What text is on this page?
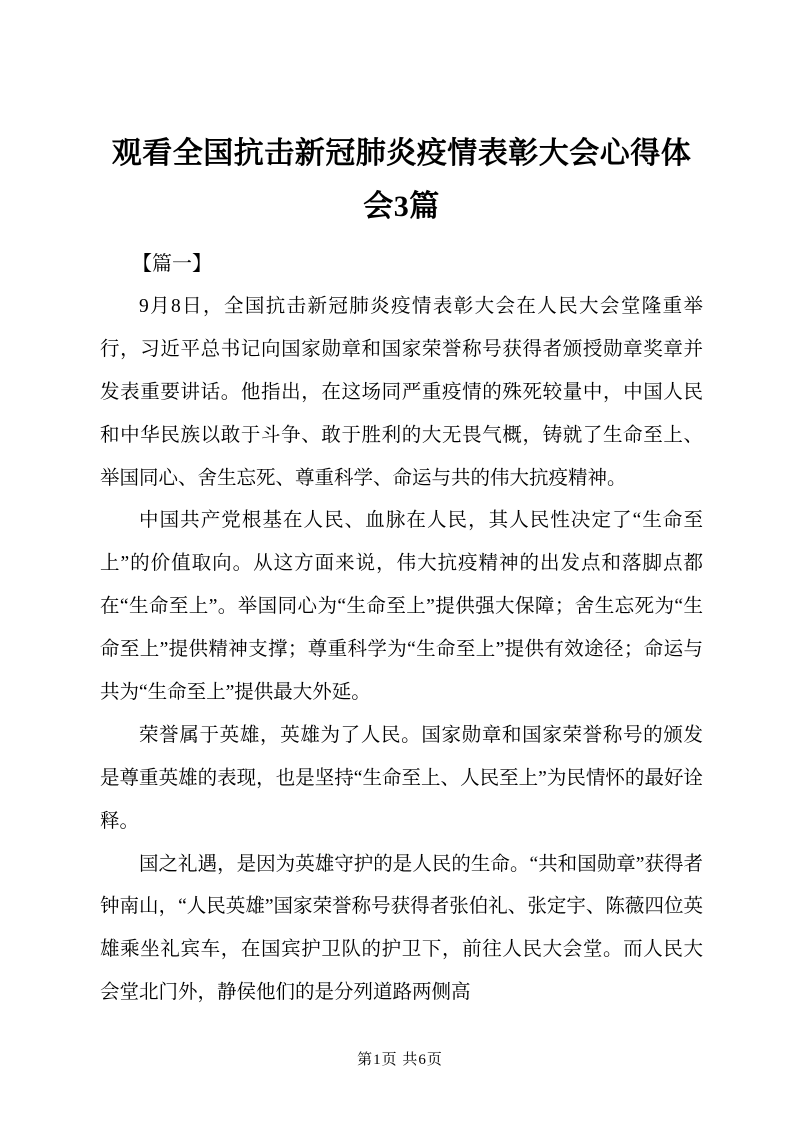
观看全国抗击新冠肺炎疫情表彰大会心得体会3篇
【篇一】

9月8日，全国抗击新冠肺炎疫情表彰大会在人民大会堂隆重举行，习近平总书记向国家勋章和国家荣誉称号获得者颁授勋章奖章并发表重要讲话。他指出，在这场同严重疫情的殊死较量中，中国人民和中华民族以敢于斗争、敢于胜利的大无畏气概，铸就了生命至上、举国同心、舍生忘死、尊重科学、命运与共的伟大抗疫精神。

中国共产党根基在人民、血脉在人民，其人民性决定了“生命至上”的价值取向。从这方面来说，伟大抗疫精神的出发点和落脚点都在“生命至上”。举国同心为“生命至上”提供强大保障；舍生忘死为“生命至上”提供精神支撑；尊重科学为“生命至上”提供有效途径；命运与共为“生命至上”提供最大外延。

荣誉属于英雄，英雄为了人民。国家勋章和国家荣誉称号的颁发是尊重英雄的表现，也是坚持“生命至上、人民至上”为民情怀的最好诠释。

国之礼遇，是因为英雄守护的是人民的生命。“共和国勋章”获得者钟南山，“人民英雄”国家荣誉称号获得者张伯礼、张定宇、陈薇四位英雄乘坐礼宾车，在国宾护卫队的护卫下，前往人民大会堂。而人民大会堂北门外，静侯他们的是分列道路两侧高

第1页 共6页
